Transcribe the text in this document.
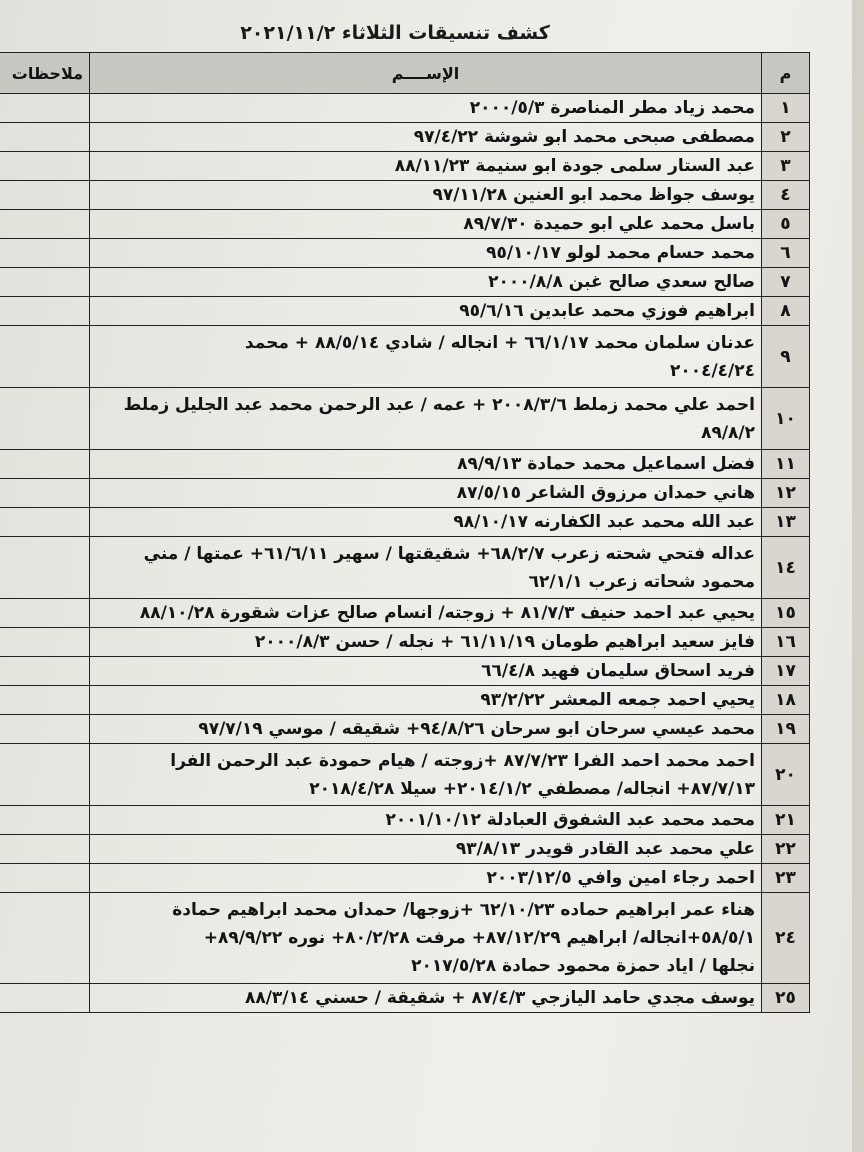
كشف تنسيقات الثلاثاء ٢٠٢١/١١/٢
م	الإســــم	ملاحظات
١	محمد زياد مطر المناصرة ٢٠٠٠/٥/٣	

٢	مصطفى صبحى محمد ابو شوشة ٩٧/٤/٢٢	

٣	عبد الستار سلمى جودة ابو سنيمة ٨٨/١١/٢٣	

٤	يوسف جواظ محمد ابو العنين ٩٧/١١/٢٨	

٥	باسل محمد علي ابو حميدة ٨٩/٧/٣٠	

٦	محمد حسام محمد لولو ٩٥/١٠/١٧	

٧	صالح سعدي صالح غبن ٢٠٠٠/٨/٨	

٨	ابراهيم فوزي محمد عابدين ٩٥/٦/١٦	

٩	عدنان سلمان محمد ٦٦/١/١٧ + انجاله / شادي ٨٨/٥/١٤ + محمد
٢٠٠٤/٤/٢٤	

١٠	احمد علي محمد زملط ٢٠٠٨/٣/٦ + عمه / عبد الرحمن محمد عبد الجليل زملط
٨٩/٨/٢	

١١	فضل اسماعيل محمد حمادة ٨٩/٩/١٣	

١٢	هاني حمدان مرزوق الشاعر ٨٧/٥/١٥	

١٣	عبد الله محمد عبد الكفارنه ٩٨/١٠/١٧	

١٤	عداله فتحي شحته زعرب ٦٨/٢/٧+ شقيقتها / سهير ٦١/٦/١١+ عمتها / مني
محمود شحاته زعرب ٦٢/١/١	

١٥	يحيي عبد احمد حنيف ٨١/٧/٣ + زوجته/ انسام صالح عزات شقورة ٨٨/١٠/٢٨	

١٦	فايز سعيد ابراهيم طومان ٦١/١١/١٩ + نجله / حسن ٢٠٠٠/٨/٣	

١٧	فريد اسحاق سليمان فهيد ٦٦/٤/٨	

١٨	يحيي احمد جمعه المعشر ٩٣/٢/٢٢	

١٩	محمد عيسي سرحان ابو سرحان ٩٤/٨/٢٦+ شقيقه / موسي ٩٧/٧/١٩	

٢٠	احمد محمد احمد الفرا ٨٧/٧/٢٣ +زوجته / هيام حمودة عبد الرحمن الفرا
٨٧/٧/١٣+ انجاله/ مصطفي ٢٠١٤/١/٢+ سيلا ٢٠١٨/٤/٢٨	

٢١	محمد محمد عبد الشفوق العبادلة ٢٠٠١/١٠/١٢	

٢٢	علي محمد عبد القادر قويدر ٩٣/٨/١٣	

٢٣	احمد رجاء امين وافي ٢٠٠٣/١٢/٥	

٢٤	هناء عمر ابراهيم حماده ٦٢/١٠/٢٣ +زوجها/ حمدان محمد ابراهيم حمادة
٥٨/٥/١+انجاله/ ابراهيم ٨٧/١٢/٢٩+ مرفت ٨٠/٢/٢٨+ نوره ٨٩/٩/٢٢+
نجلها / اياد حمزة محمود حمادة ٢٠١٧/٥/٢٨	

٢٥	يوسف مجدي حامد اليازجي ٨٧/٤/٣ + شقيقة / حسني ٨٨/٣/١٤	
